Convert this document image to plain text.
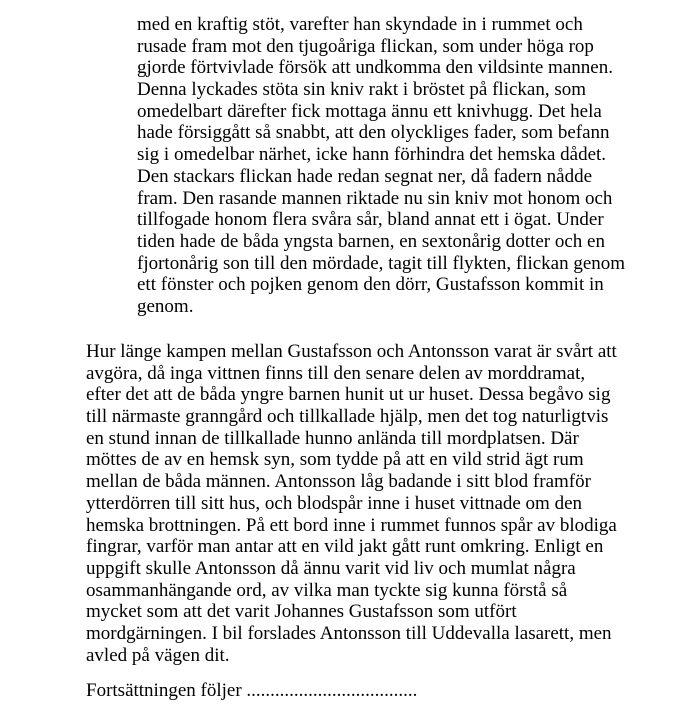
med en kraftig stöt, varefter han skyndade in i rummet och
rusade fram mot den tjugoåriga flickan, som under höga rop
gjorde förtvivlade försök att undkomma den vildsinte mannen.
Denna lyckades stöta sin kniv rakt i bröstet på flickan, som
omedelbart därefter fick mottaga ännu ett knivhugg. Det hela
hade försiggått så snabbt, att den olyckliges fader, som befann
sig i omedelbar närhet, icke hann förhindra det hemska dådet.
Den stackars flickan hade redan segnat ner, då fadern nådde
fram. Den rasande mannen riktade nu sin kniv mot honom och
tillfogade honom flera svåra sår, bland annat ett i ögat. Under
tiden hade de båda yngsta barnen, en sextonårig dotter och en
fjortonårig son till den mördade, tagit till flykten, flickan genom
ett fönster och pojken genom den dörr, Gustafsson kommit in
genom.
Hur länge kampen mellan Gustafsson och Antonsson varat är svårt att
avgöra, då inga vittnen finns till den senare delen av morddramat,
efter det att de båda yngre barnen hunit ut ur huset. Dessa begåvo sig
till närmaste granngård och tillkallade hjälp, men det tog naturligtvis
en stund innan de tillkallade hunno anlända till mordplatsen. Där
möttes de av en hemsk syn, som tydde på att en vild strid ägt rum
mellan de båda männen. Antonsson låg badande i sitt blod framför
ytterdörren till sitt hus, och blodspår inne i huset vittnade om den
hemska brottningen. På ett bord inne i rummet funnos spår av blodiga
fingrar, varför man antar att en vild jakt gått runt omkring. Enligt en
uppgift skulle Antonsson då ännu varit vid liv och mumlat några
osammanhängande ord, av vilka man tyckte sig kunna förstå så
mycket som att det varit Johannes Gustafsson som utfört
mordgärningen. I bil forslades Antonsson till Uddevalla lasarett, men
avled på vägen dit.
Fortsättningen följer ....................................
